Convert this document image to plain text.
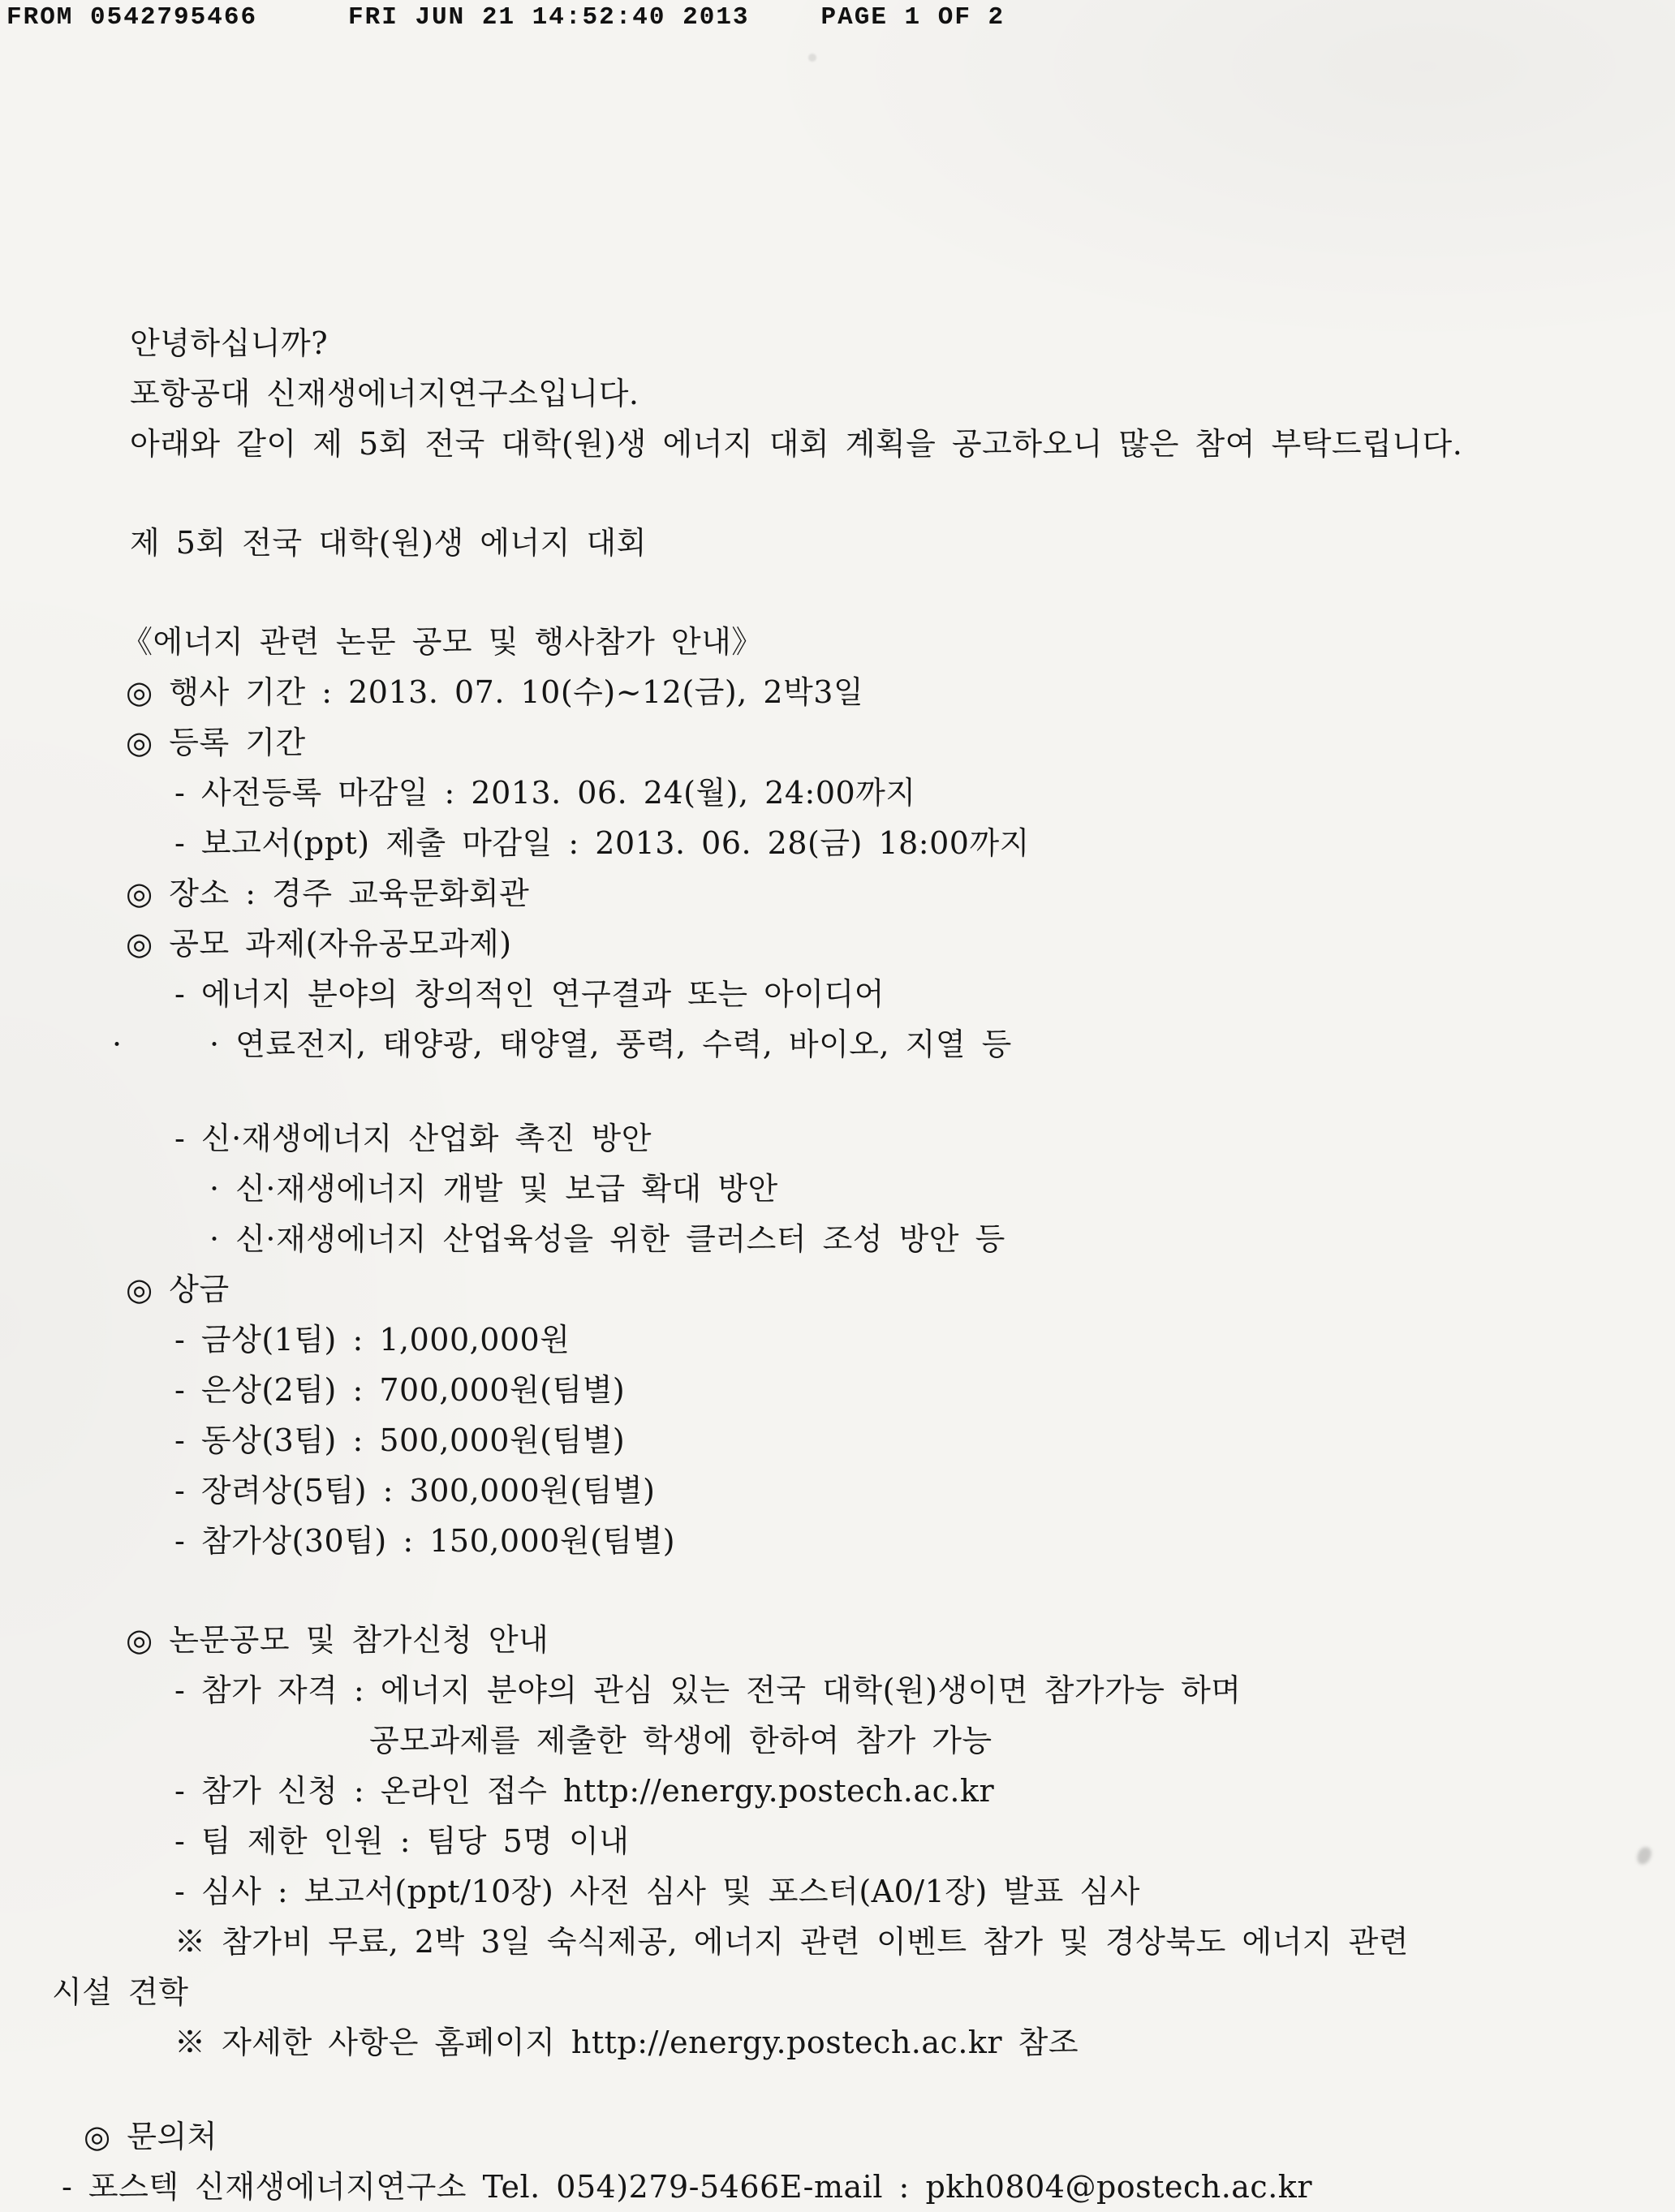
FROM 0542795466	FRI JUN 21 14:52:40 2013	PAGE 1 OF 2
안녕하십니까?
포항공대 신재생에너지연구소입니다.
아래와 같이 제 5회 전국 대학(원)생 에너지 대회 계획을 공고하오니 많은 참여 부탁드립니다.
제 5회 전국 대학(원)생 에너지 대회
《에너지 관련 논문 공모 및 행사참가 안내》
◎ 행사 기간 : 2013. 07. 10(수)~12(금), 2박3일
◎ 등록 기간
- 사전등록 마감일 : 2013. 06. 24(월), 24:00까지
- 보고서(ppt) 제출 마감일 : 2013. 06. 28(금) 18:00까지
◎ 장소 : 경주 교육문화회관
◎ 공모 과제(자유공모과제)
- 에너지 분야의 창의적인 연구결과 또는 아이디어
·	· 연료전지, 태양광, 태양열, 풍력, 수력, 바이오, 지열 등
- 신·재생에너지 산업화 촉진 방안
· 신·재생에너지 개발 및 보급 확대 방안
· 신·재생에너지 산업육성을 위한 클러스터 조성 방안 등
◎ 상금
- 금상(1팀) : 1,000,000원
- 은상(2팀) : 700,000원(팀별)
- 동상(3팀) : 500,000원(팀별)
- 장려상(5팀) : 300,000원(팀별)
- 참가상(30팀) : 150,000원(팀별)
◎ 논문공모 및 참가신청 안내
- 참가 자격 : 에너지 분야의 관심 있는 전국 대학(원)생이면 참가가능 하며
공모과제를 제출한 학생에 한하여 참가 가능
- 참가 신청 : 온라인 접수 http://energy.postech.ac.kr
- 팀 제한 인원 : 팀당 5명 이내
- 심사 : 보고서(ppt/10장) 사전 심사 및 포스터(A0/1장) 발표 심사
※ 참가비 무료, 2박 3일 숙식제공, 에너지 관련 이벤트 참가 및 경상북도 에너지 관련
시설 견학
※ 자세한 사항은 홈페이지 http://energy.postech.ac.kr 참조
◎ 문의처
- 포스텍 신재생에너지연구소 Tel. 054)279-5466E-mail : pkh0804@postech.ac.kr
